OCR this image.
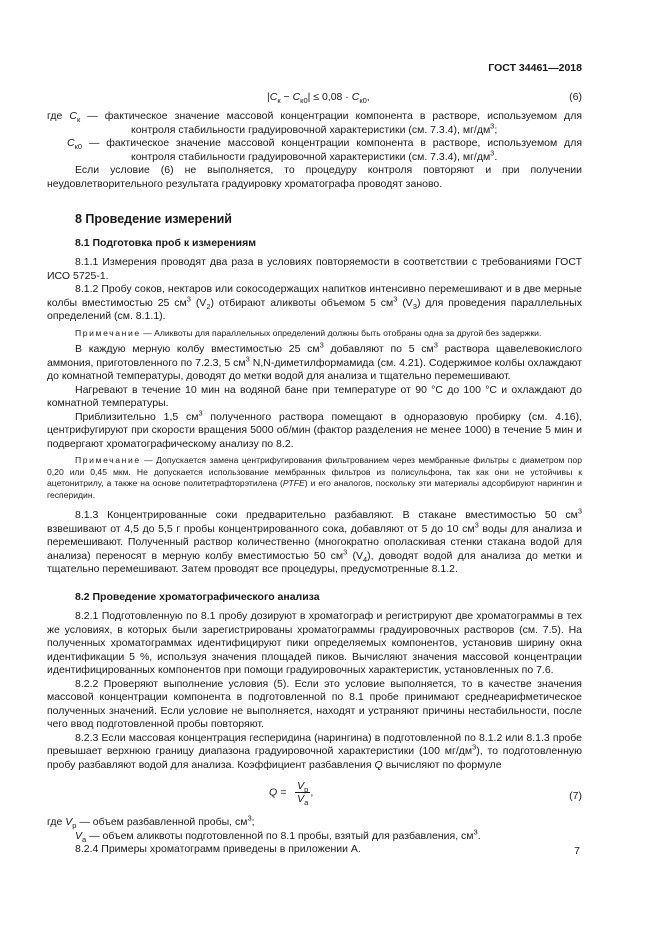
ГОСТ 34461—2018
$|C_к - C_{к0}| \le 0,08 \cdot C_{к0}$,	(6)

где $C_к$ — фактическое значение массовой концентрации компонента в растворе, используемом для контроля стабильности градуировочной характеристики (см. 7.3.4), $мг/дм^3$;

$C_{к0}$ — фактическое значение массовой концентрации компонента в растворе, используемом для контроля стабильности градуировочной характеристики (см. 7.3.4), $мг/дм^3$.

Если условие (6) не выполняется, то процедуру контроля повторяют и при получении неудовлетворительного результата градуировку хроматографа проводят заново.

8 Проведение измерений
8.1 Подготовка проб к измерениям

8.1.1 Измерения проводят два раза в условиях повторяемости в соответствии с требованиями ГОСТ ИСО 5725-1.

8.1.2 Пробу соков, нектаров или сокосодержащих напитков интенсивно перемешивают и в две мерные колбы вместимостью 25 $см^3$ $(V_2)$ отбирают аликвоты объемом 5 $см^3$ $(V_3)$ для проведения параллельных определений (см. 8.1.1).

Примечание — Аликвоты для параллельных определений должны быть отобраны одна за другой без задержки.

В каждую мерную колбу вместимостью 25 $см^3$ добавляют по 5 $см^3$ раствора щавелевокислого аммония, приготовленного по 7.2.3, 5 $см^3$ N,N-диметилформамида (см. 4.21). Содержимое колбы охлаждают до комнатной температуры, доводят до метки водой для анализа и тщательно перемешивают.

Нагревают в течение 10 мин на водяной бане при температуре от 90 °С до 100 °С и охлаждают до комнатной температуры.

Приблизительно 1,5 $см^3$ полученного раствора помещают в одноразовую пробирку (см. 4.16), центрифугируют при скорости вращения 5000 об/мин (фактор разделения не менее 1000) в течение 5 мин и подвергают хроматографическому анализу по 8.2.

Примечание — Допускается замена центрифугирования фильтрованием через мембранные фильтры с диаметром пор 0,20 или 0,45 мкм. Не допускается использование мембранных фильтров из полисульфона, так как они не устойчивы к ацетонитрилу, а также на основе политетрафторэтилена (PTFE) и его аналогов, поскольку эти материалы адсорбируют нарингин и гесперидин.

8.1.3 Концентрированные соки предварительно разбавляют. В стакане вместимостью 50 $см^3$ взвешивают от 4,5 до 5,5 г пробы концентрированного сока, добавляют от 5 до 10 $см^3$ воды для анализа и перемешивают. Полученный раствор количественно (многократно ополаскивая стенки стакана водой для анализа) переносят в мерную колбу вместимостью 50 $см^3$ $(V_4)$, доводят водой для анализа до метки и тщательно перемешивают. Затем проводят все процедуры, предусмотренные 8.1.2.

8.2 Проведение хроматографического анализа

8.2.1 Подготовленную по 8.1 пробу дозируют в хроматограф и регистрируют две хроматограммы в тех же условиях, в которых были зарегистрированы хроматограммы градуировочных растворов (см. 7.5). На полученных хроматограммах идентифицируют пики определяемых компонентов, установив ширину окна идентификации 5 %, используя значения площадей пиков. Вычисляют значения массовой концентрации идентифицированных компонентов при помощи градуировочных характеристик, установленных по 7.6.

8.2.2 Проверяют выполнение условия (5). Если это условие выполняется, то в качестве значения массовой концентрации компонента в подготовленной по 8.1 пробе принимают среднеарифметическое полученных значений. Если условие не выполняется, находят и устраняют причины нестабильности, после чего ввод подготовленной пробы повторяют.

8.2.3 Если массовая концентрация гесперидина (нарингина) в подготовленной по 8.1.2 или 8.1.3 пробе превышает верхнюю границу диапазона градуировочной характеристики (100 $мг/дм^3$), то подготовленную пробу разбавляют водой для анализа. Коэффициент разбавления Q вычисляют по формуле

$Q = \frac{V_р}{V_а}$ ,	(7)

где $V_р$ — объем разбавленной пробы, $см^3$;

$V_а$ — объем аликвоты подготовленной по 8.1 пробы, взятый для разбавления, $см^3$.

8.2.4 Примеры хроматограмм приведены в приложении А.	7
